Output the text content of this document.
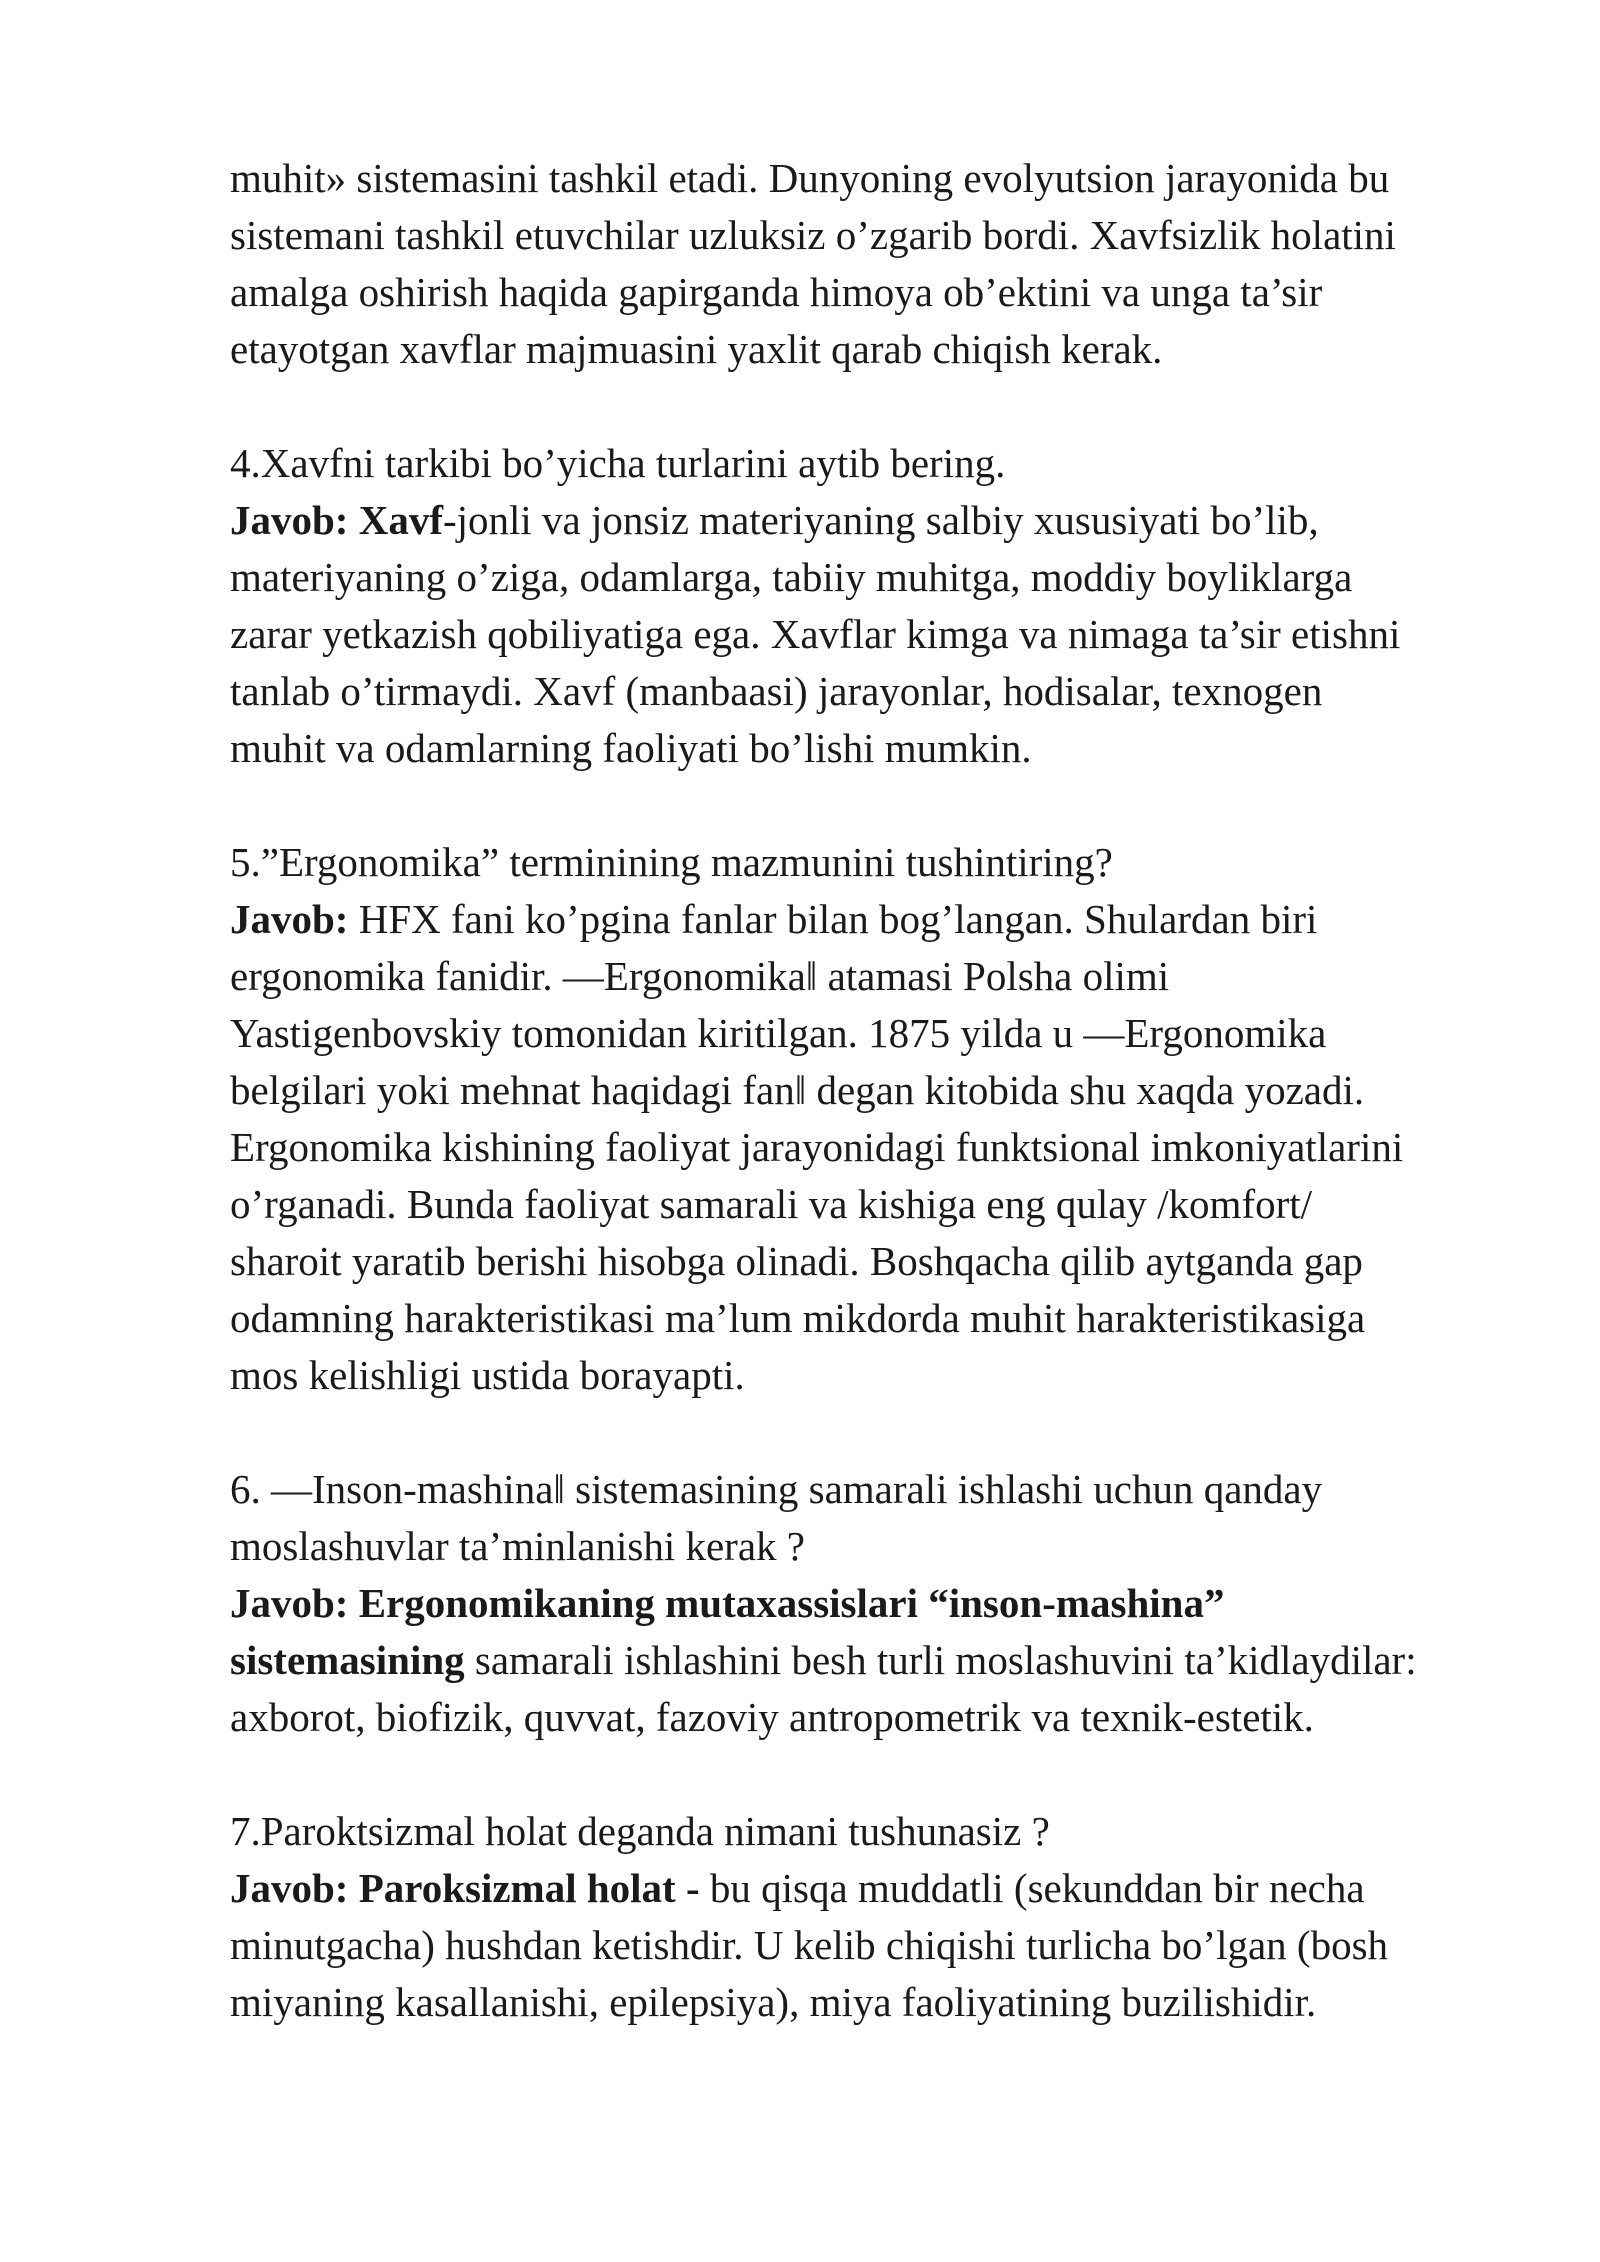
muhit» sistemasini tashkil etadi. Dunyoning evolyutsion jarayonida bu
sistemani tashkil etuvchilar uzluksiz o’zgarib bordi. Xavfsizlik holatini
amalga oshirish haqida gapirganda himoya ob’ektini va unga ta’sir
etayotgan xavflar majmuasini yaxlit qarab chiqish kerak.
4.Xavfni tarkibi bo’yicha turlarini aytib bering.
Javob: Xavf-jonli va jonsiz materiyaning salbiy xususiyati bo’lib,
materiyaning o’ziga, odamlarga, tabiiy muhitga, moddiy boyliklarga
zarar yetkazish qobiliyatiga ega. Xavflar kimga va nimaga ta’sir etishni
tanlab o’tirmaydi. Xavf (manbaasi) jarayonlar, hodisalar, texnogen
muhit va odamlarning faoliyati bo’lishi mumkin.
5.”Ergonomika” terminining mazmunini tushintiring?
Javob: HFX fani ko’pgina fanlar bilan bog’langan. Shulardan biri
ergonomika fanidir. ―Ergonomika‖ atamasi Polsha olimi
Yastigenbovskiy tomonidan kiritilgan. 1875 yilda u ―Ergonomika
belgilari yoki mehnat haqidagi fan‖ degan kitobida shu xaqda yozadi.
Ergonomika kishining faoliyat jarayonidagi funktsional imkoniyatlarini
o’rganadi. Bunda faoliyat samarali va kishiga eng qulay /komfort/
sharoit yaratib berishi hisobga olinadi. Boshqacha qilib aytganda gap
odamning harakteristikasi ma’lum mikdorda muhit harakteristikasiga
mos kelishligi ustida borayapti.
6. ―Inson-mashina‖ sistemasining samarali ishlashi uchun qanday
moslashuvlar ta’minlanishi kerak ?
Javob: Ergonomikaning mutaxassislari “inson-mashina”
sistemasining samarali ishlashini besh turli moslashuvini ta’kidlaydilar:
axborot, biofizik, quvvat, fazoviy antropometrik va texnik-estetik.
7.Paroktsizmal holat deganda nimani tushunasiz ?
Javob: Paroksizmal holat - bu qisqa muddatli (sekunddan bir necha
minutgacha) hushdan ketishdir. U kelib chiqishi turlicha bo’lgan (bosh
miyaning kasallanishi, epilepsiya), miya faoliyatining buzilishidir.
